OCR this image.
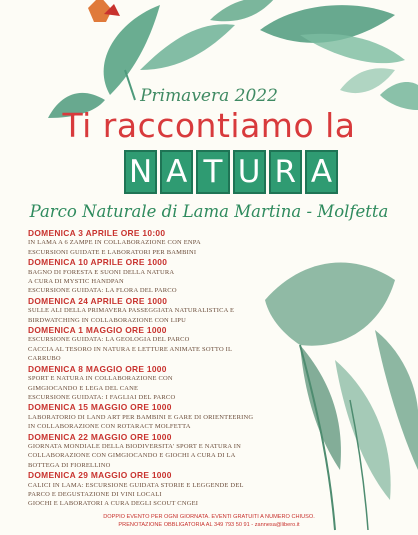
Primavera 2022
Ti raccontiamo la
N A T U R A
Parco Naturale di Lama Martina - Molfetta
DOMENICA 3 APRILE ORE 10:00
IN LAMA A 6 ZAMPE IN COLLABORAZIONE CON ENPA
ESCURSIONI GUIDATE E LABORATORI PER BAMBINI
DOMENICA 10 APRILE ORE 1000
BAGNO DI FORESTA E SUONI DELLA NATURA
A CURA DI MYSTIC HANDPAN
ESCURSIONE GUIDATA: LA FLORA DEL PARCO
DOMENICA 24 APRILE ORE 1000
SULLE ALI DELLA PRIMAVERA PASSEGGIATA NATURALISTICA E
BIRDWATCHING IN COLLABORAZIONE CON LIPU
DOMENICA 1 MAGGIO ORE 1000
ESCURSIONE GUIDATA: LA GEOLOGIA DEL PARCO
CACCIA AL TESORO IN NATURA E LETTURE ANIMATE SOTTO IL
CARRUBO
DOMENICA 8 MAGGIO ORE 1000
SPORT E NATURA IN COLLABORAZIONE CON
GIMGIOCANDO E LEGA DEL CANE
ESCURSIONE GUIDATA: I FAGLIAI DEL PARCO
DOMENICA 15 MAGGIO ORE 1000
LABORATORIO DI LAND ART PER BAMBINI E GARE DI ORIENTEERING
IN COLLABORAZIONE CON ROTARACT MOLFETTA
DOMENICA 22 MAGGIO ORE 1000
GIORNATA MONDIALE DELLA BIODIVERSITA' SPORT E NATURA IN
COLLABORAZIONE CON GIMGIOCANDO E GIOCHI A CURA DI LA
BOTTEGA DI FIORELLINO
DOMENICA 29 MAGGIO ORE 1000
CALICI IN LAMA: ESCURSIONE GUIDATA STORIE E LEGGENDE DEL
PARCO E DEGUSTAZIONE DI VINI LOCALI
GIOCHI E LABORATORI A CURA DEGLI SCOUT CNGEI
DOPPIO EVENTO PER OGNI GIORNATA. EVENTI GRATUITI A NUMERO CHIUSO.
PRENOTAZIONE OBBLIGATORIA AL 349 793 50 91 - zannesa@libero.it
